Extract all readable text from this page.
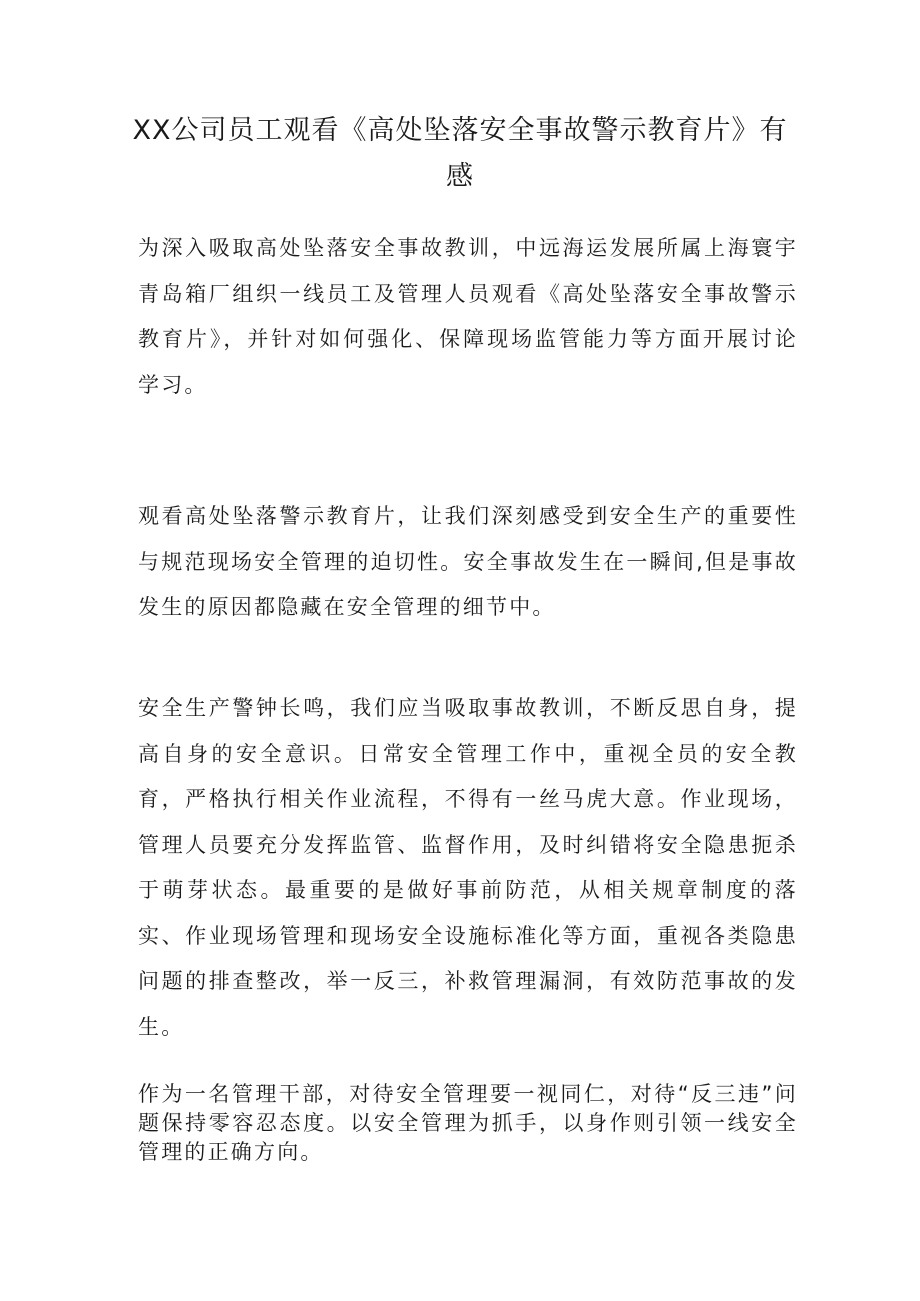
XX公司员工观看《高处坠落安全事故警示教育片》有感

为深入吸取高处坠落安全事故教训，中远海运发展所属上海寰宇青岛箱厂组织一线员工及管理人员观看《高处坠落安全事故警示教育片》，并针对如何强化、保障现场监管能力等方面开展讨论学习。

观看高处坠落警示教育片，让我们深刻感受到安全生产的重要性与规范现场安全管理的迫切性。安全事故发生在一瞬间,但是事故发生的原因都隐藏在安全管理的细节中。

安全生产警钟长鸣，我们应当吸取事故教训，不断反思自身，提高自身的安全意识。日常安全管理工作中，重视全员的安全教育，严格执行相关作业流程，不得有一丝马虎大意。作业现场，管理人员要充分发挥监管、监督作用，及时纠错将安全隐患扼杀于萌芽状态。最重要的是做好事前防范，从相关规章制度的落实、作业现场管理和现场安全设施标准化等方面，重视各类隐患问题的排查整改，举一反三，补救管理漏洞，有效防范事故的发生。

作为一名管理干部，对待安全管理要一视同仁，对待“反三违”问题保持零容忍态度。以安全管理为抓手，以身作则引领一线安全管理的正确方向。
